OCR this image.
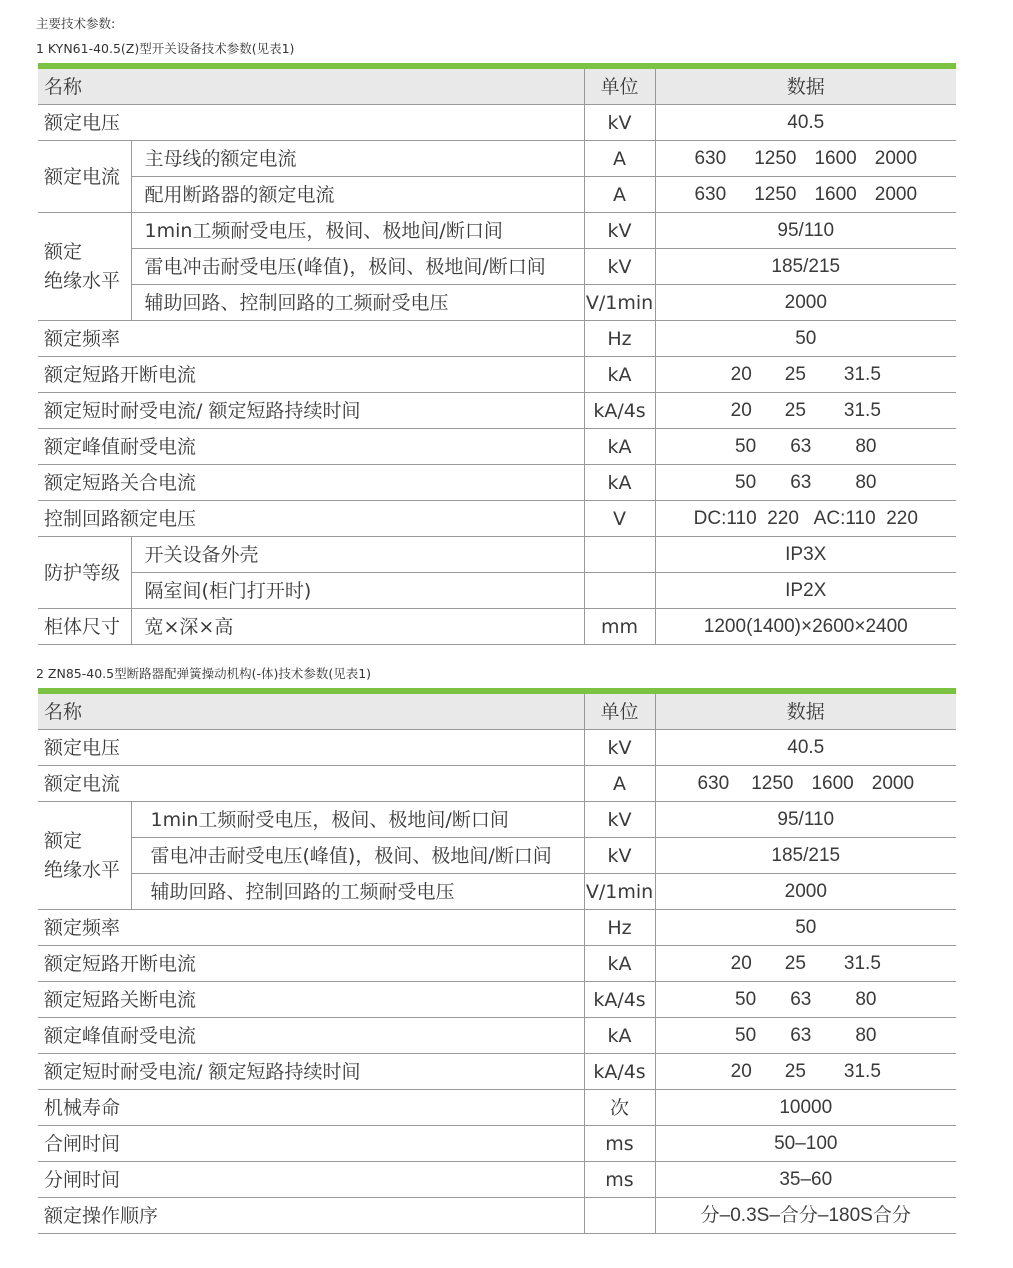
主要技术参数:
1 KYN61-40.5(Z)型开关设备技术参数(见表1)
名称		单位	数据
额定电压		kV	40.5
额定电流	主母线的额定电流	A	630 1250 1600 2000
	配用断路器的额定电流	A	630 1250 1600 2000
额定
绝缘水平	1min工频耐受电压，极间、极地间/断口间	kV	95/110
	雷电冲击耐受电压(峰值)，极间、极地间/断口间	kV	185/215
	辅助回路、控制回路的工频耐受电压	V/1min	2000
额定频率		Hz	50
额定短路开断电流		kA	20 25 31.5
额定短时耐受电流/ 额定短路持续时间		kA/4s	20 25 31.5
额定峰值耐受电流		kA	50 63 80
额定短路关合电流		kA	50 63 80
控制回路额定电压		V	DC:110  220   AC:110  220
防护等级	开关设备外壳		IP3X
	隔室间(柜门打开时)		IP2X
柜体尺寸	宽×深×高	mm	1200(1400)×2600×2400
2 ZN85-40.5型断路器配弹簧操动机构(-体)技术参数(见表1)
名称		单位	数据
额定电压		kV	40.5
额定电流		A	630 1250 1600 2000
额定
绝缘水平	1min工频耐受电压，极间、极地间/断口间	kV	95/110
	雷电冲击耐受电压(峰值)，极间、极地间/断口间	kV	185/215
	辅助回路、控制回路的工频耐受电压	V/1min	2000
额定频率		Hz	50
额定短路开断电流		kA	20 25 31.5
额定短路关断电流		kA/4s	50 63 80
额定峰值耐受电流		kA	50 63 80
额定短时耐受电流/ 额定短路持续时间		kA/4s	20 25 31.5
机械寿命		次	10000
合闸时间		ms	50–100
分闸时间		ms	35–60
额定操作顺序			分–0.3S–合分–180S合分
